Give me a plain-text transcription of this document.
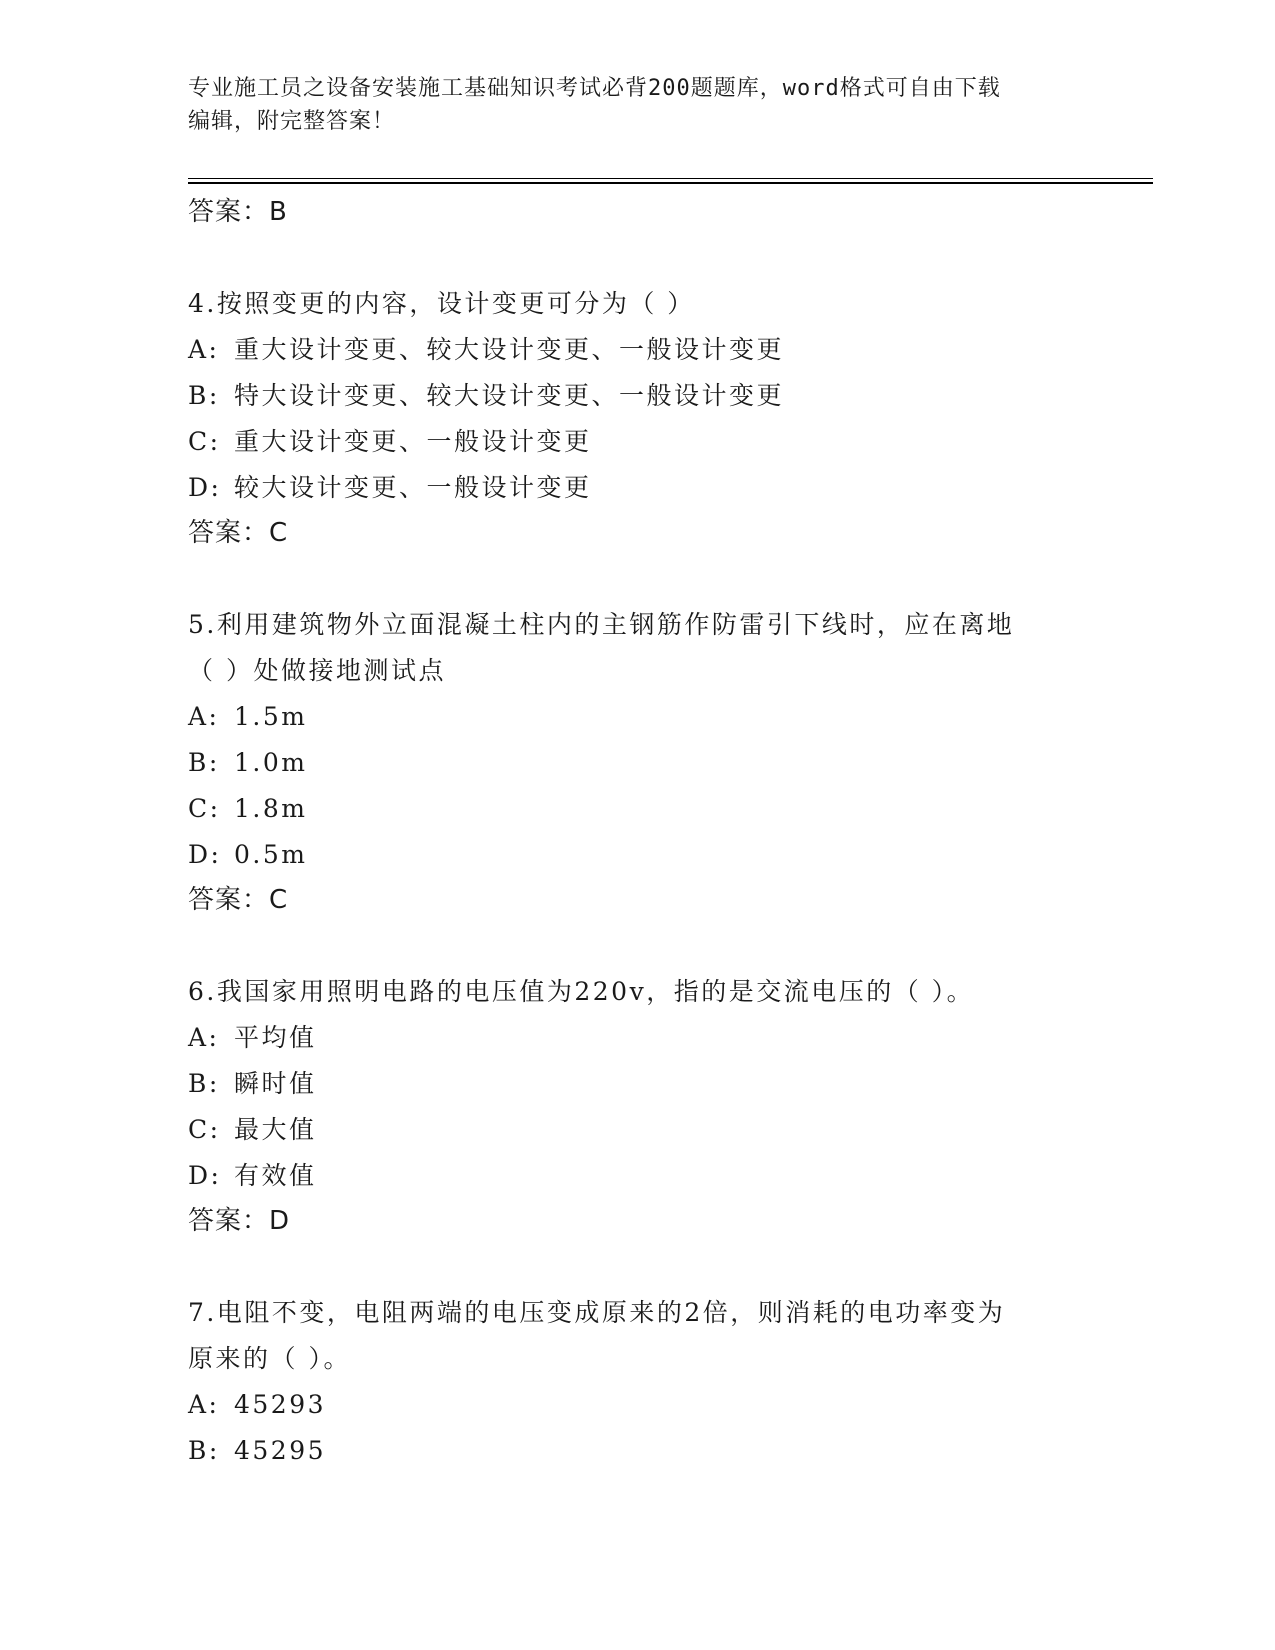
专业施工员之设备安装施工基础知识考试必背200题题库，word格式可自由下载
编辑，附完整答案！
答案：B
4.按照变更的内容，设计变更可分为（ ）
A: 重大设计变更、较大设计变更、一般设计变更
B: 特大设计变更、较大设计变更、一般设计变更
C: 重大设计变更、一般设计变更
D: 较大设计变更、一般设计变更
答案：C
5.利用建筑物外立面混凝土柱内的主钢筋作防雷引下线时，应在离地
（ ）处做接地测试点
A: 1.5m
B: 1.0m
C: 1.8m
D: 0.5m
答案：C
6.我国家用照明电路的电压值为220v，指的是交流电压的（ ）。
A: 平均值
B: 瞬时值
C: 最大值
D: 有效值
答案：D
7.电阻不变，电阻两端的电压变成原来的2倍，则消耗的电功率变为
原来的（ ）。
A: 45293
B: 45295
